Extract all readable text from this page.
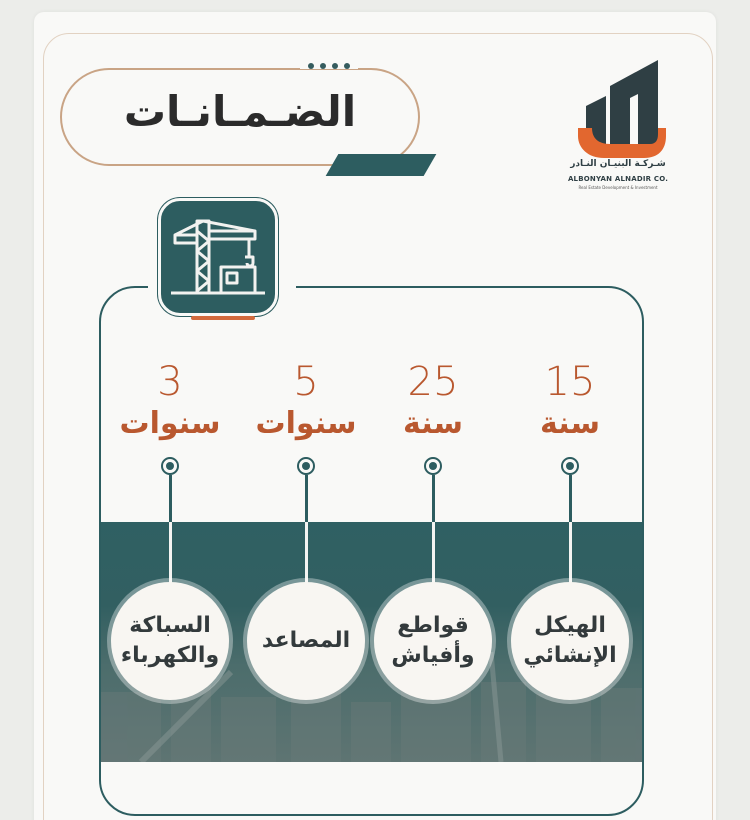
الضـمـانـات
شـركـة البنيـان النـادر
ALBONYAN ALNADIR CO.
Real Estate Development & Investment
15
سنة
الهيكل
الإنشائي
25
سنة
قواطع
وأفياش
5
سنوات
المصاعد
3
سنوات
السباكة
والكهرباء
